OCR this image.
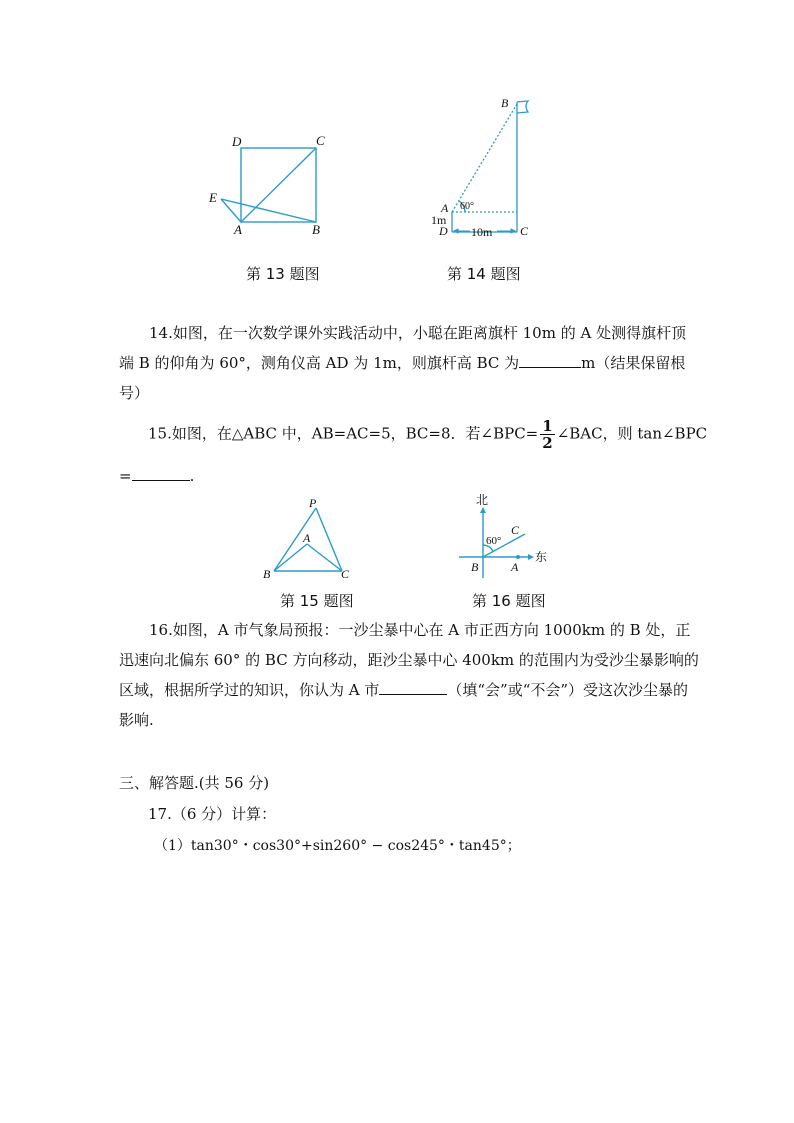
D	C
E
A	B
第 13 题图
B
A 60°
1m
D 10m C
第 14 题图
14.如图，在一次数学课外实践活动中，小聪在距离旗杆 10m 的 A 处测得旗杆顶端 B 的仰角为 60°，测角仪高 AD 为 1m，则旗杆高 BC 为	m（结果保留根号）
15.如图，在△ABC 中，AB=AC=5，BC=8．若∠BPC= $\frac{1}{2}$ ∠BAC，则 tan∠BPC
=	.
P
A
B	C
第 15 题图
北
东
C
60°
B	A
第 16 题图
16.如图，A 市气象局预报：一沙尘暴中心在 A 市正西方向 1000km 的 B 处，正迅速向北偏东 60° 的 BC 方向移动，距沙尘暴中心 400km 的范围内为受沙尘暴影响的区域，根据所学过的知识，你认为 A 市	（填“会”或“不会”）受这次沙尘暴的影响.
三、解答题.(共 56 分)
17.（6 分）计算：
（1）tan30°・cos30°+sin260° − cos245°・tan45°；
